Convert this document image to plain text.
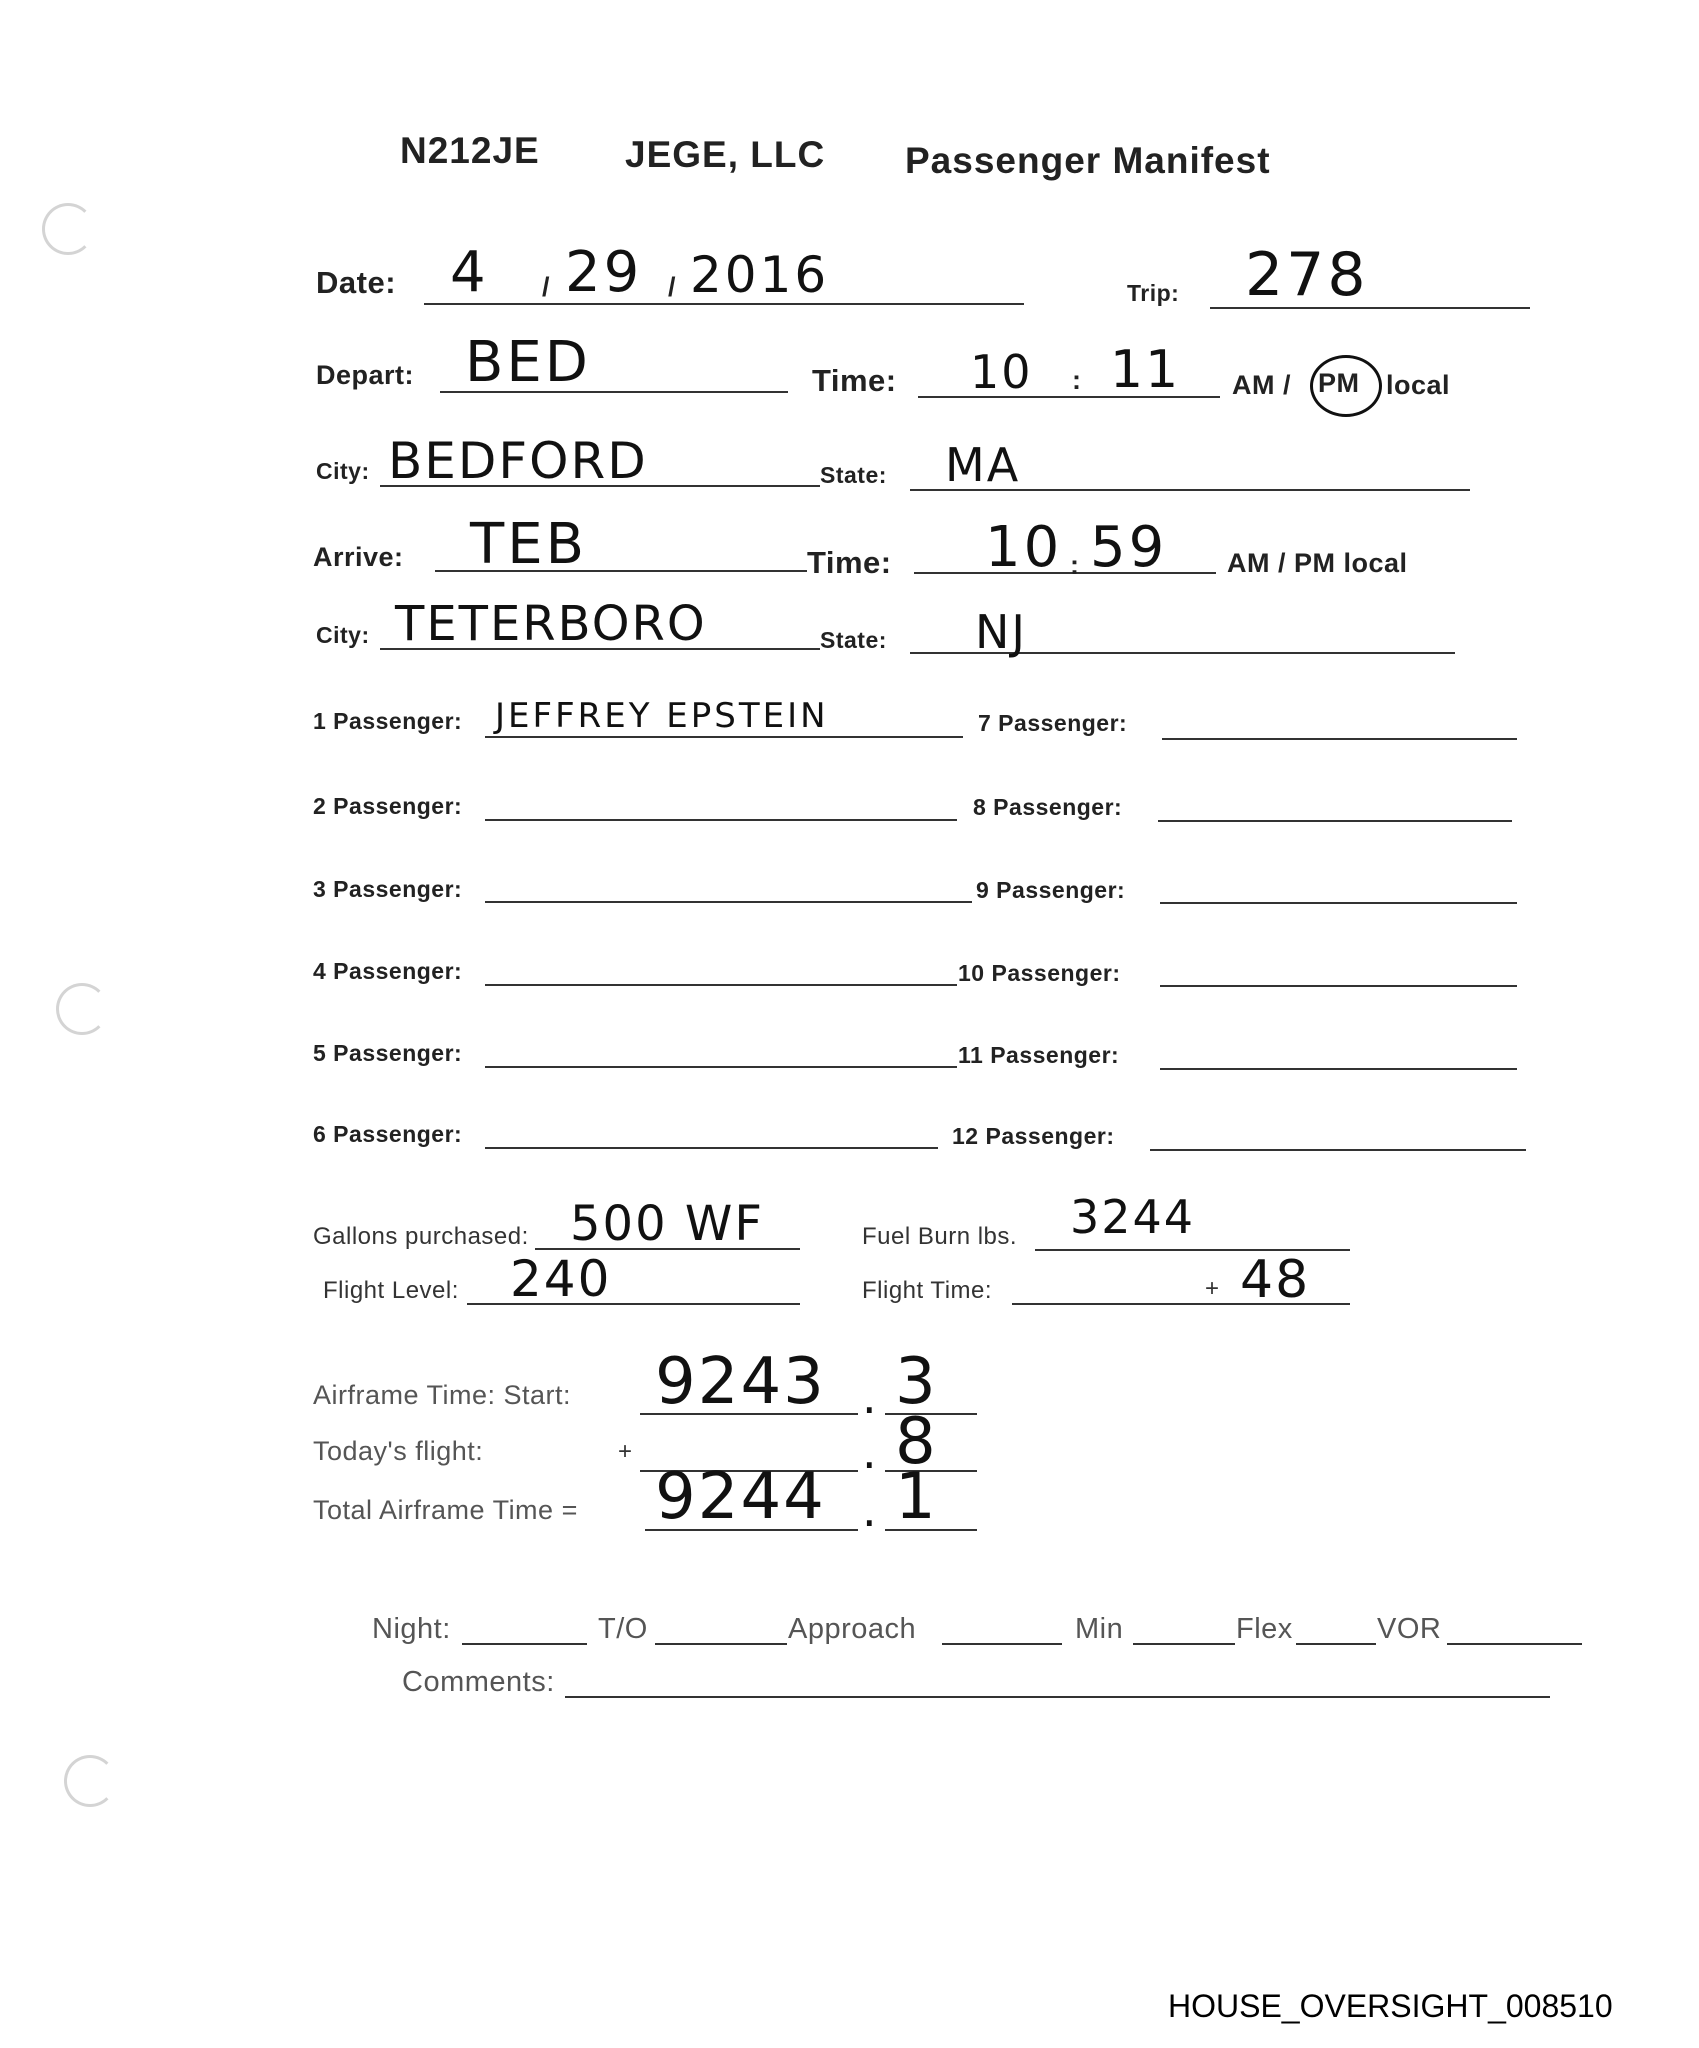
N212JE JEGE, LLC Passenger Manifest
Date: 4 / 29 / 2016	Trip: 278
Depart: BED	Time: 10 : 11 AM / PM local
City: BEDFORD	State: MA
Arrive: TEB	Time: 10 : 59 AM / PM local
City: TETERBORO	State: NJ
1 Passenger: JEFFREY EPSTEIN
2 Passenger:
3 Passenger:
4 Passenger:
5 Passenger:
6 Passenger:
7 Passenger:
8 Passenger:
9 Passenger:
10 Passenger:
11 Passenger:
12 Passenger:
Gallons purchased: 500 WF	Fuel Burn lbs. 3244
Flight Level: 240	Flight Time:	+ 48
Airframe Time: Start: 9243 . 3
Today's flight:	+	. 8
Total Airframe Time = 9244 . 1
Night:	T/O	Approach	Min	Flex	VOR
Comments:
HOUSE_OVERSIGHT_008510
